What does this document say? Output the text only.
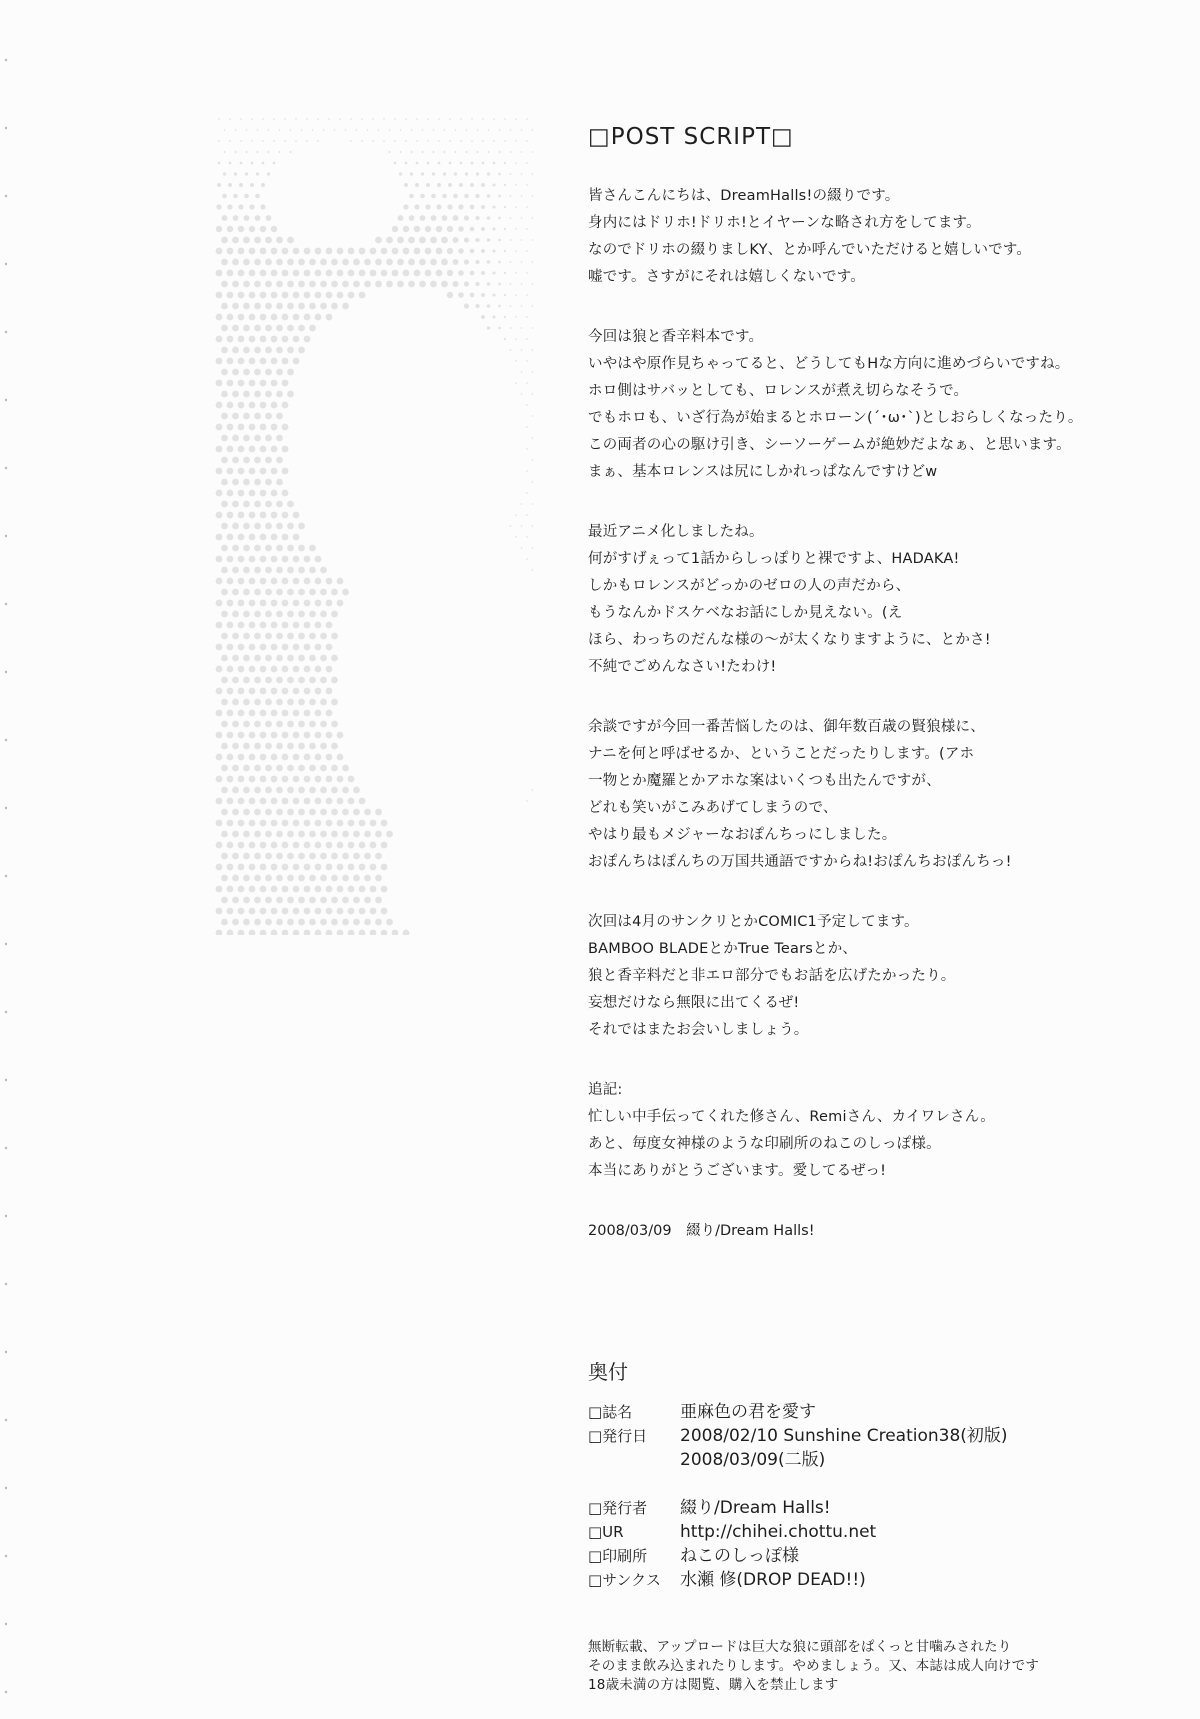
□POST SCRIPT□
皆さんこんにちは、DreamHalls!の綴りです。
身内にはドリホ!ドリホ!とイヤーンな略され方をしてます。
なのでドリホの綴りましKY、とか呼んでいただけると嬉しいです。
嘘です。さすがにそれは嬉しくないです。
今回は狼と香辛料本です。
いやはや原作見ちゃってると、どうしてもHな方向に進めづらいですね。
ホロ側はサバッとしても、ロレンスが煮え切らなそうで。
でもホロも、いざ行為が始まるとホローン(´･ω･`)としおらしくなったり。
この両者の心の駆け引き、シーソーゲームが絶妙だよなぁ、と思います。
まぁ、基本ロレンスは尻にしかれっぱなんですけどw
最近アニメ化しましたね。
何がすげぇって1話からしっぽりと裸ですよ、HADAKA!
しかもロレンスがどっかのゼロの人の声だから、
もうなんかドスケベなお話にしか見えない。(え
ほら、わっちのだんな様の～が太くなりますように、とかさ!
不純でごめんなさい!たわけ!
余談ですが今回一番苦悩したのは、御年数百歳の賢狼様に、
ナニを何と呼ばせるか、ということだったりします。(アホ
一物とか魔羅とかアホな案はいくつも出たんですが、
どれも笑いがこみあげてしまうので、
やはり最もメジャーなおぽんちっにしました。
おぽんちはぽんちの万国共通語ですからね!おぽんちおぽんちっ!
次回は4月のサンクリとかCOMIC1予定してます。
BAMBOO BLADEとかTrue Tearsとか、
狼と香辛料だと非エロ部分でもお話を広げたかったり。
妄想だけなら無限に出てくるぜ!
それではまたお会いしましょう。
追記:
忙しい中手伝ってくれた修さん、Remiさん、カイワレさん。
あと、毎度女神様のような印刷所のねこのしっぽ様。
本当にありがとうございます。愛してるぜっ!
2008/03/09　綴り/Dream Halls!
奥付
□誌名	亜麻色の君を愛す
□発行日	2008/02/10 Sunshine Creation38(初版)
2008/03/09(二版)
□発行者	綴り/Dream Halls!
□UR	http://chihei.chottu.net
□印刷所	ねこのしっぽ様
□サンクス	水瀬 修(DROP DEAD!!)
無断転載、アップロードは巨大な狼に頭部をぱくっと甘噛みされたり
そのまま飲み込まれたりします。やめましょう。又、本誌は成人向けです
18歳未満の方は閲覧、購入を禁止します
